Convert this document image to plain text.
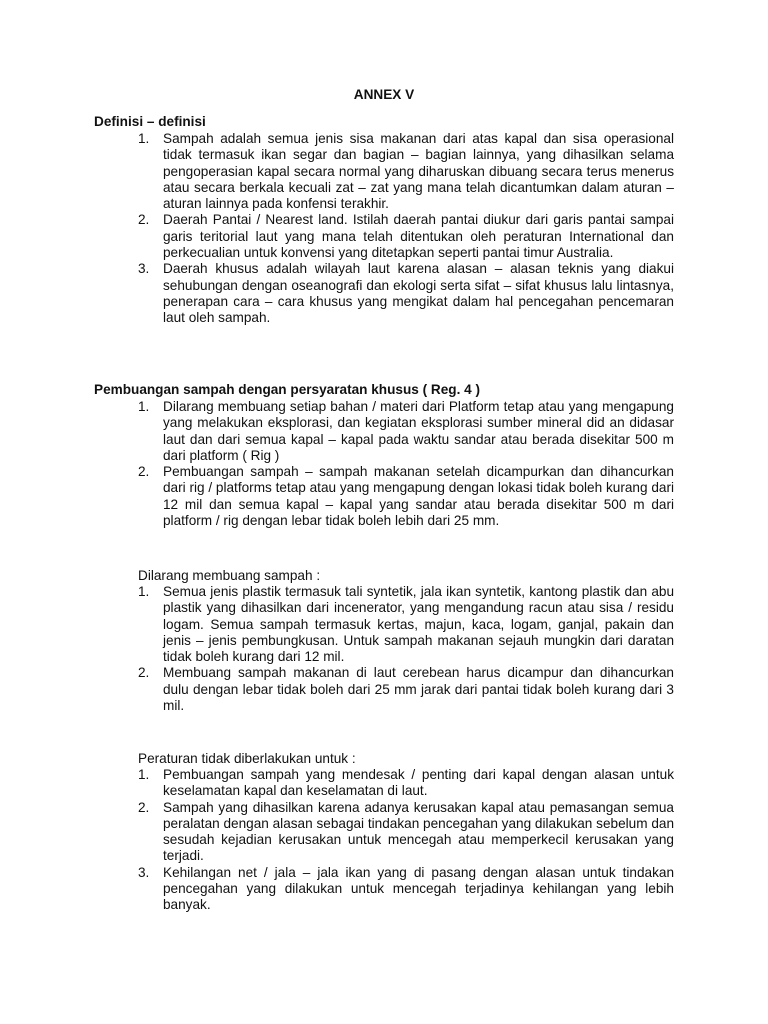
ANNEX V
Definisi – definisi
1.	Sampah adalah semua jenis sisa makanan dari atas kapal dan sisa operasional tidak termasuk ikan segar dan bagian – bagian lainnya, yang dihasilkan selama pengoperasian kapal secara normal yang diharuskan dibuang secara terus menerus atau secara berkala kecuali zat – zat yang mana telah dicantumkan dalam aturan – aturan lainnya pada konfensi terakhir.
2.	Daerah Pantai / Nearest land. Istilah daerah pantai diukur dari garis pantai sampai garis teritorial laut yang mana telah ditentukan oleh peraturan International dan perkecualian untuk konvensi yang ditetapkan seperti pantai timur Australia.
3.	Daerah khusus adalah wilayah laut karena alasan – alasan teknis yang diakui sehubungan dengan oseanografi dan ekologi serta sifat – sifat khusus lalu lintasnya, penerapan cara – cara khusus yang mengikat dalam hal pencegahan pencemaran laut oleh sampah.
Pembuangan sampah dengan persyaratan khusus ( Reg. 4 )
1.	Dilarang membuang setiap bahan / materi dari Platform tetap atau yang mengapung yang melakukan eksplorasi, dan kegiatan eksplorasi sumber mineral did an didasar laut dan dari semua kapal – kapal pada waktu sandar atau berada disekitar 500 m dari platform ( Rig )
2.	Pembuangan sampah – sampah makanan setelah dicampurkan dan dihancurkan dari rig / platforms tetap atau yang mengapung dengan lokasi tidak boleh kurang dari 12 mil dan semua kapal – kapal yang sandar atau berada disekitar 500 m dari platform / rig dengan lebar tidak boleh lebih dari 25 mm.
Dilarang membuang sampah :
1.	Semua jenis plastik termasuk tali syntetik, jala ikan syntetik, kantong plastik dan abu plastik yang dihasilkan dari incenerator, yang mengandung racun atau sisa / residu logam. Semua sampah termasuk kertas, majun, kaca, logam, ganjal, pakain dan jenis – jenis pembungkusan. Untuk sampah makanan sejauh mungkin dari daratan tidak boleh kurang dari 12 mil.
2.	Membuang sampah makanan di laut cerebean harus dicampur dan dihancurkan dulu dengan lebar tidak boleh dari 25 mm jarak dari pantai tidak boleh kurang dari 3 mil.
Peraturan tidak diberlakukan untuk :
1.	Pembuangan sampah yang mendesak / penting dari kapal dengan alasan untuk keselamatan kapal dan keselamatan di laut.
2.	Sampah yang dihasilkan karena adanya kerusakan kapal atau pemasangan semua peralatan dengan alasan sebagai tindakan pencegahan yang dilakukan sebelum dan sesudah kejadian kerusakan untuk mencegah atau memperkecil kerusakan yang terjadi.
3.	Kehilangan net / jala – jala ikan yang di pasang dengan alasan untuk tindakan pencegahan yang dilakukan untuk mencegah terjadinya kehilangan yang lebih banyak.
